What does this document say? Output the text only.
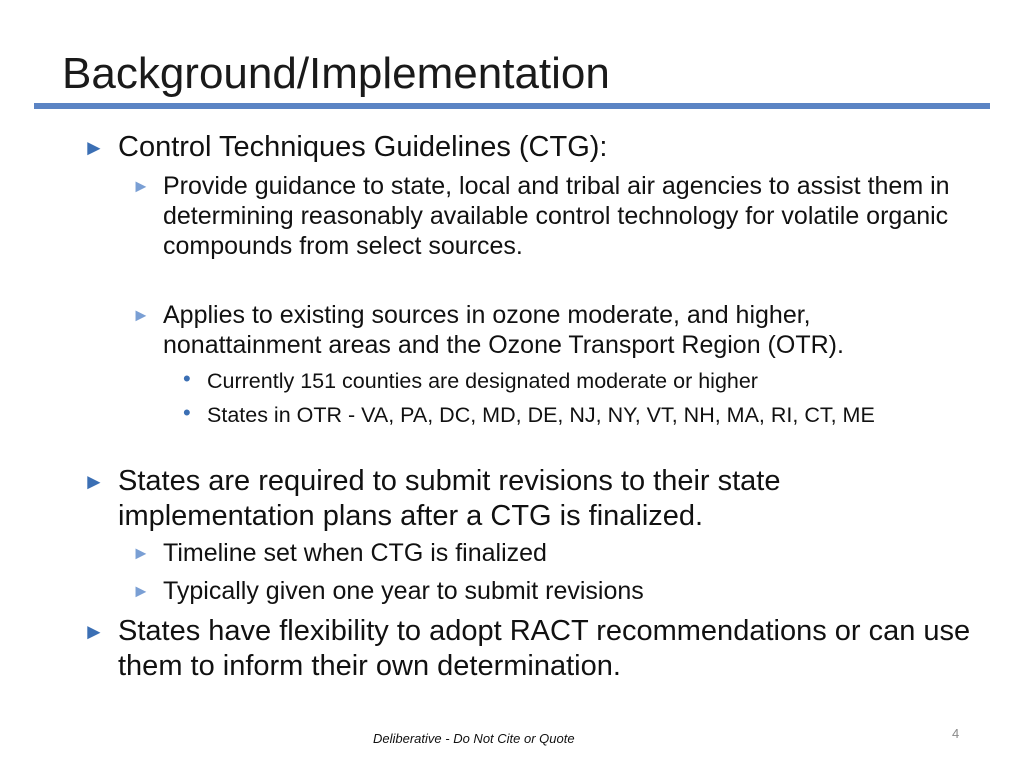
Background/Implementation
► Control Techniques Guidelines (CTG):
► Provide guidance to state, local and tribal air agencies to assist them in determining reasonably available control technology for volatile organic compounds from select sources.
► Applies to existing sources in ozone moderate, and higher, nonattainment areas and the Ozone Transport Region (OTR).
• Currently 151 counties are designated moderate or higher
• States in OTR - VA, PA, DC, MD, DE, NJ, NY, VT, NH, MA, RI, CT, ME
► States are required to submit revisions to their state implementation plans after a CTG is finalized.
► Timeline set when CTG is finalized
► Typically given one year to submit revisions
► States have flexibility to adopt RACT recommendations or can use them to inform their own determination.
Deliberative - Do Not Cite or Quote	4
